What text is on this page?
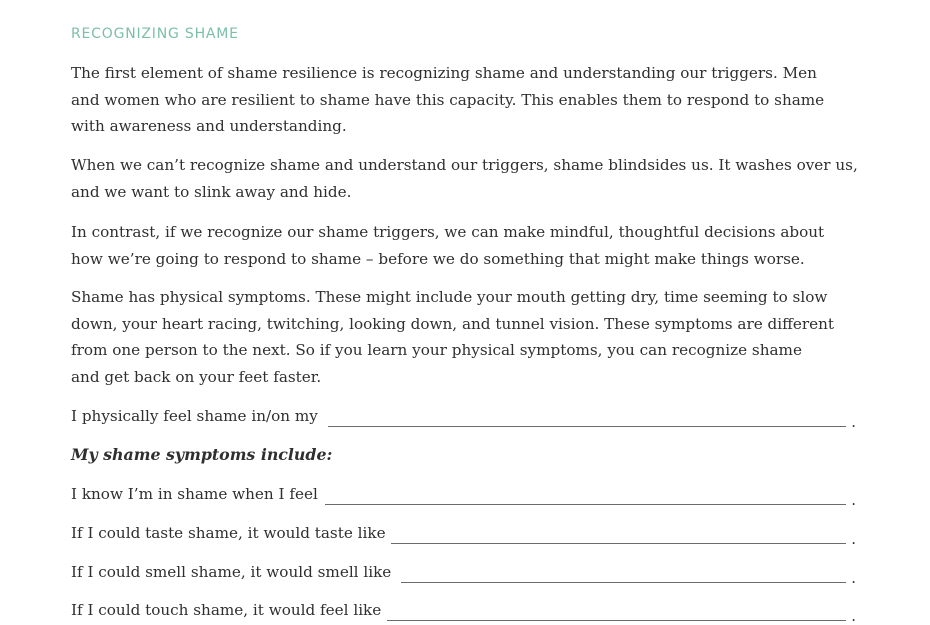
RECOGNIZING SHAME

The first element of shame resilience is recognizing shame and understanding our triggers. Men
and women who are resilient to shame have this capacity. This enables them to respond to shame
with awareness and understanding.

When we can’t recognize shame and understand our triggers, shame blindsides us. It washes over us,
and we want to slink away and hide.

In contrast, if we recognize our shame triggers, we can make mindful, thoughtful decisions about
how we’re going to respond to shame – before we do something that might make things worse.

Shame has physical symptoms. These might include your mouth getting dry, time seeming to slow
down, your heart racing, twitching, looking down, and tunnel vision. These symptoms are different
from one person to the next. So if you learn your physical symptoms, you can recognize shame
and get back on your feet faster.

I physically feel shame in/on my	.
My shame symptoms include:
I know I’m in shame when I feel	.
If I could taste shame, it would taste like	.
If I could smell shame, it would smell like	.
If I could touch shame, it would feel like	.
